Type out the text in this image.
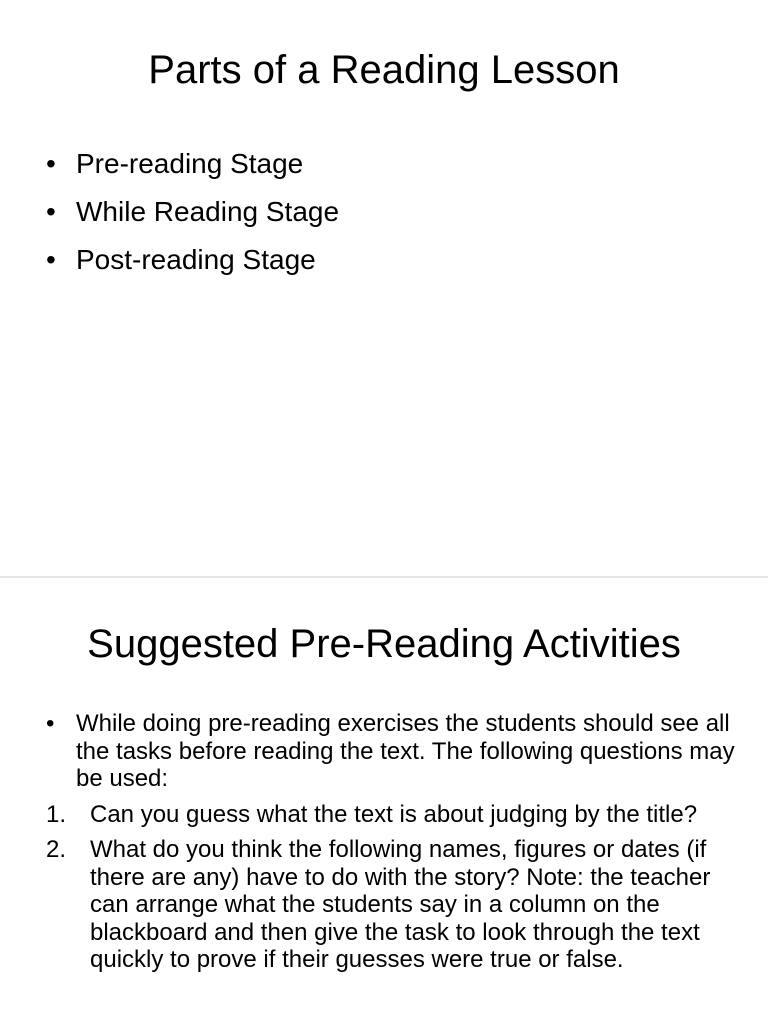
Parts of a Reading Lesson
• Pre-reading Stage
• While Reading Stage
• Post-reading Stage
Suggested Pre-Reading Activities
• While doing pre-reading exercises the students should see all the tasks before reading the text. The following questions may be used:
1. Can you guess what the text is about judging by the title?
2. What do you think the following names, figures or dates (if there are any) have to do with the story? Note: the teacher can arrange what the students say in a column on the blackboard and then give the task to look through the text quickly to prove if their guesses were true or false.
